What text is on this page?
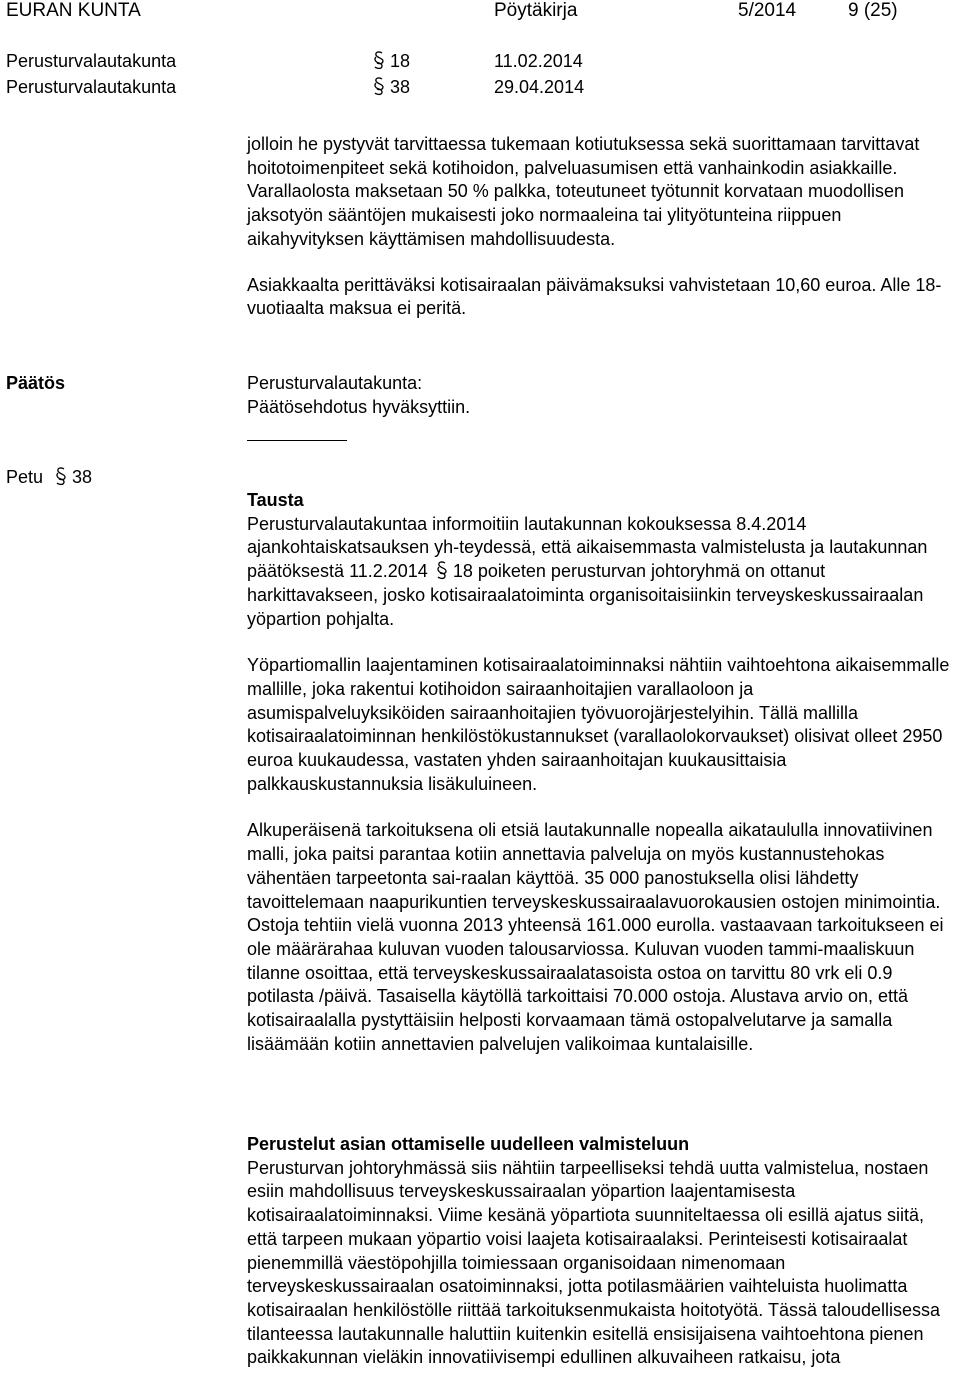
EURAN KUNTA	Pöytäkirja	5/2014	9 (25)
Perusturvalautakunta	18	11.02.2014
Perusturvalautakunta	38	29.04.2014

jolloin he pystyvät tarvittaessa tukemaan kotiutuksessa sekä suorittamaan tarvittavat hoitotoimenpiteet sekä kotihoidon, palveluasumisen että vanhainkodin asiakkaille. Varallaolosta maksetaan 50 % palkka, toteutuneet työtunnit korvataan muodollisen jaksotyön sääntöjen mukaisesti joko normaaleina tai ylityötunteina riippuen aikahyvityksen käyttämisen mahdollisuudesta.

Asiakkaalta perittäväksi kotisairaalan päivämaksuksi vahvistetaan 10,60 euroa. Alle 18-vuotiaalta maksua ei peritä.

Päätös	Perusturvalautakunta:
Päätösehdotus hyväksyttiin.
Petu 38

Tausta

Perusturvalautakuntaa informoitiin lautakunnan kokouksessa 8.4.2014 ajankohtaiskatsauksen yh-teydessä, että aikaisemmasta valmistelusta ja lautakunnan päätöksestä 11.2.2014 18 poiketen perusturvan johtoryhmä on ottanut harkittavakseen, josko kotisairaalatoiminta organisoitaisiinkin terveyskeskussairaalan yöpartion pohjalta.

Yöpartiomallin laajentaminen kotisairaalatoiminnaksi nähtiin vaihtoehtona aikaisemmalle mallille, joka rakentui kotihoidon sairaanhoitajien varallaoloon ja asumispalveluyksiköiden sairaanhoitajien työvuorojärjestelyihin. Tällä mallilla kotisairaalatoiminnan henkilöstökustannukset (varallaolokorvaukset) olisivat olleet 2950 euroa kuukaudessa, vastaten yhden sairaanhoitajan kuukausittaisia palkkauskustannuksia lisäkuluineen.

Alkuperäisenä tarkoituksena oli etsiä lautakunnalle nopealla aikataululla innovatiivinen malli, joka paitsi parantaa kotiin annettavia palveluja on myös kustannustehokas vähentäen tarpeetonta sai-raalan käyttöä. 35 000 panostuksella olisi lähdetty tavoittelemaan naapurikuntien terveyskeskussairaalavuorokausien ostojen minimointia. Ostoja tehtiin vielä vuonna 2013 yhteensä 161.000 eurolla. vastaavaan tarkoitukseen ei ole määrärahaa kuluvan vuoden talousarviossa. Kuluvan vuoden tammi-maaliskuun tilanne osoittaa, että terveyskeskussairaalatasoista ostoa on tarvittu 80 vrk eli 0.9 potilasta /päivä. Tasaisella käytöllä tarkoittaisi 70.000 ostoja. Alustava arvio on, että kotisairaalalla pystyttäisiin helposti korvaamaan tämä ostopalvelutarve ja samalla lisäämään kotiin annettavien palvelujen valikoimaa kuntalaisille.

Perustelut asian ottamiselle uudelleen valmisteluun

Perusturvan johtoryhmässä siis nähtiin tarpeelliseksi tehdä uutta valmistelua, nostaen esiin mahdollisuus terveyskeskussairaalan yöpartion laajentamisesta kotisairaalatoiminnaksi. Viime kesänä yöpartiota suunniteltaessa oli esillä ajatus siitä, että tarpeen mukaan yöpartio voisi laajeta kotisairaalaksi. Perinteisesti kotisairaalat pienemmillä väestöpohjilla toimiessaan organisoidaan nimenomaan terveyskeskussairaalan osatoiminnaksi, jotta potilasmäärien vaihteluista huolimatta kotisairaalan henkilöstölle riittää tarkoituksenmukaista hoitotyötä. Tässä taloudellisessa tilanteessa lautakunnalle haluttiin kuitenkin esitellä ensisijaisena vaihtoehtona pienen paikkakunnan vieläkin innovatiivisempi edullinen alkuvaiheen ratkaisu, jota
